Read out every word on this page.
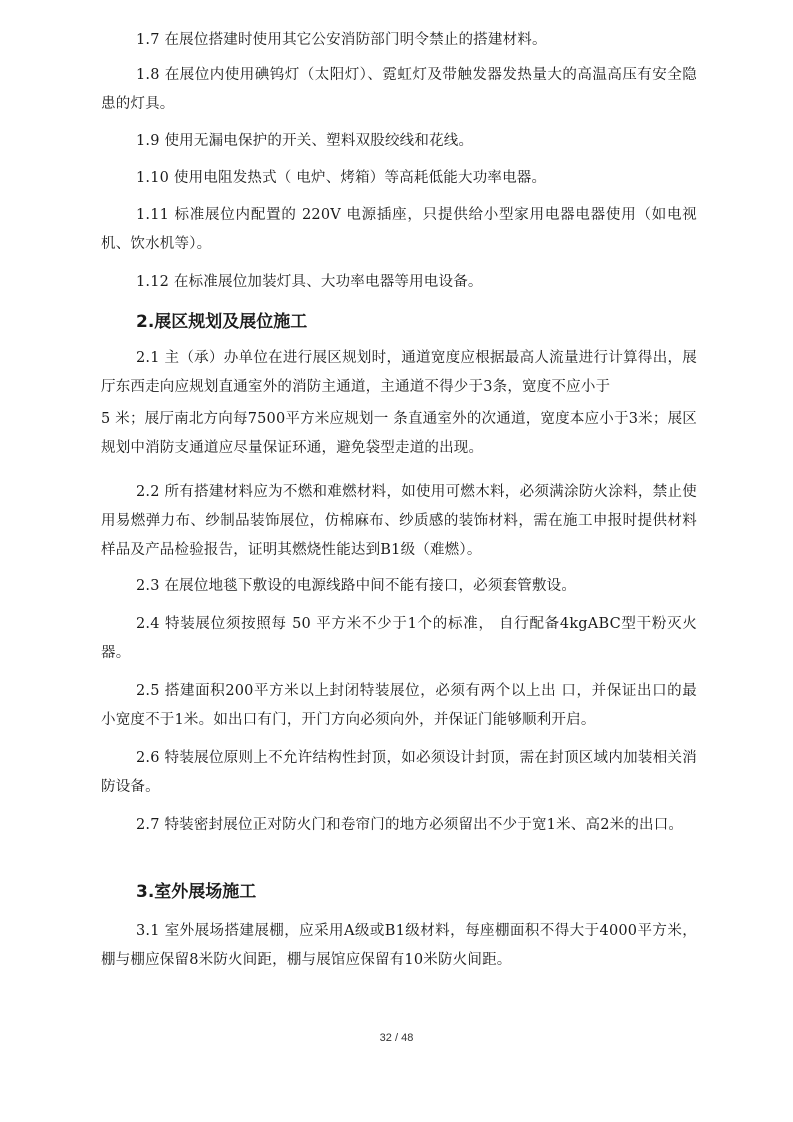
1.7 在展位搭建时使用其它公安消防部门明令禁止的搭建材料。

1.8 在展位内使用碘钨灯（太阳灯）、霓虹灯及带触发器发热量大的高温高压有安全隐患的灯具。

1.9 使用无漏电保护的开关、塑料双股绞线和花线。

1.10 使用电阻发热式（ 电炉、烤箱）等高耗低能大功率电器。

1.11 标准展位内配置的 220V 电源插座，只提供给小型家用电器电器使用（如电视机、饮水机等）。

1.12 在标准展位加装灯具、大功率电器等用电设备。

2.展区规划及展位施工

2.1 主（承）办单位在进行展区规划时，通道宽度应根据最高人流量进行计算得出，展厅东西走向应规划直通室外的消防主通道，主通道不得少于3条，宽度不应小于

5 米；展厅南北方向每7500平方米应规划一 条直通室外的次通道，宽度本应小于3米；展区规划中消防支通道应尽量保证环通，避免袋型走道的出现。

2.2 所有搭建材料应为不燃和难燃材料，如使用可燃木料，必须满涂防火涂料，禁止使用易燃弹力布、纱制品装饰展位，仿棉麻布、纱质感的装饰材料，需在施工申报时提供材料样品及产品检验报告，证明其燃烧性能达到B1级（难燃）。

2.3 在展位地毯下敷设的电源线路中间不能有接口，必须套管敷设。

2.4 特装展位须按照每 50 平方米不少于1个的标准， 自行配备4kgABC型干粉灭火器。

2.5 搭建面积200平方米以上封闭特装展位，必须有两个以上出 口，并保证出口的最小宽度不于1米。如出口有门，开门方向必须向外，并保证门能够顺利开启。

2.6 特装展位原则上不允许结构性封顶，如必须设计封顶，需在封顶区域内加装相关消防设备。

2.7 特装密封展位正对防火门和卷帘门的地方必须留出不少于宽1米、高2米的出口。

3.室外展场施工

3.1 室外展场搭建展棚，应采用A级或B1级材料，每座棚面积不得大于4000平方米，棚与棚应保留8米防火间距，棚与展馆应保留有10米防火间距。

32 / 48
